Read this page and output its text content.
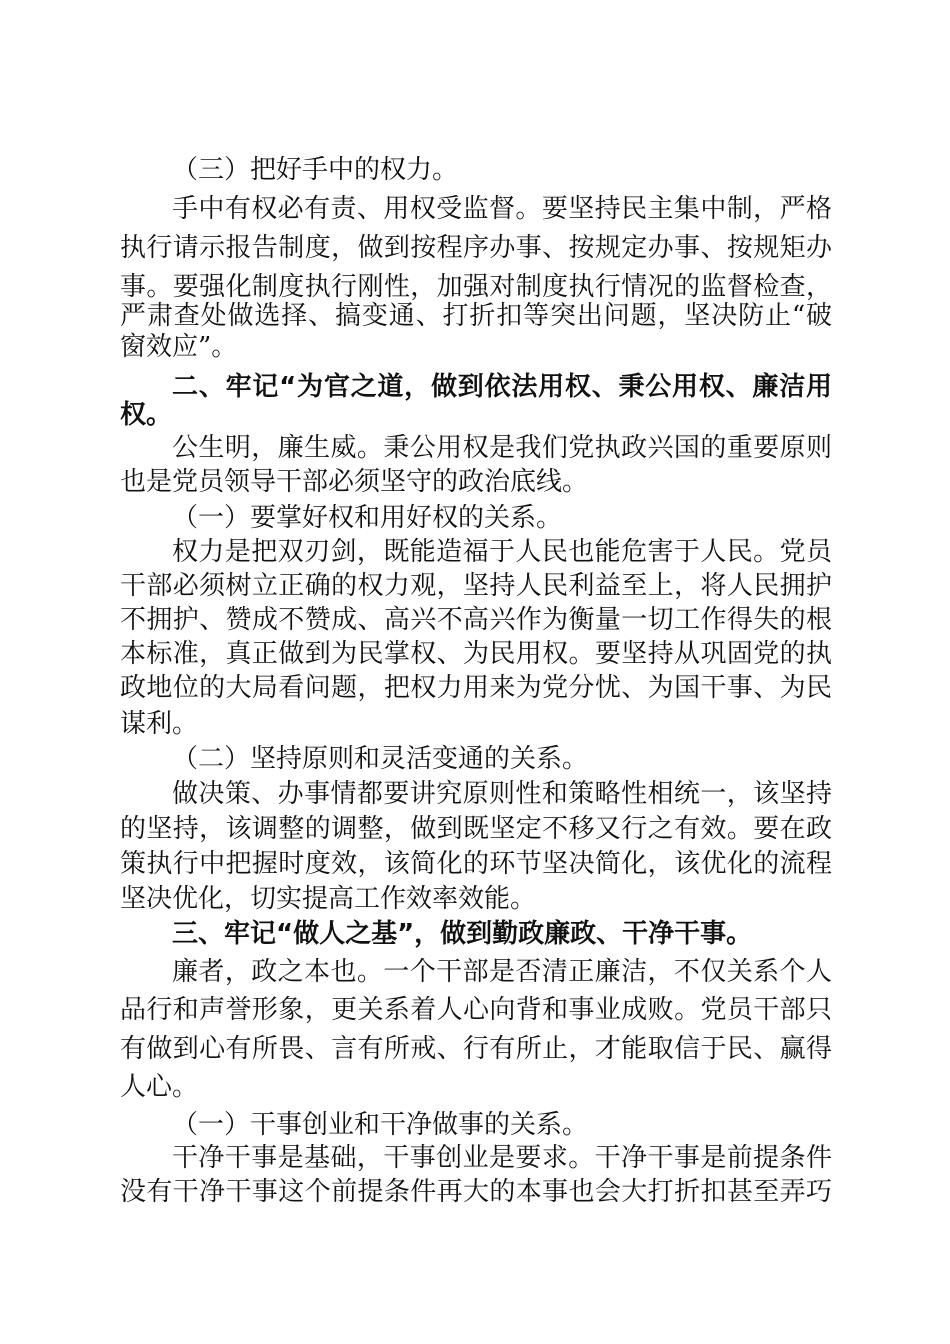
（三）把好手中的权力。
手中有权必有责、用权受监督。要坚持民主集中制，严格
执行请示报告制度，做到按程序办事、按规定办事、按规矩办
事。要强化制度执行刚性，加强对制度执行情况的监督检查，
严肃查处做选择、搞变通、打折扣等突出问题，坚决防止“破
窗效应”。
二、牢记“为官之道，做到依法用权、秉公用权、廉洁用
权。
公生明，廉生威。秉公用权是我们党执政兴国的重要原则
也是党员领导干部必须坚守的政治底线。
（一）要掌好权和用好权的关系。
权力是把双刃剑，既能造福于人民也能危害于人民。党员
干部必须树立正确的权力观，坚持人民利益至上，将人民拥护
不拥护、赞成不赞成、高兴不高兴作为衡量一切工作得失的根
本标准，真正做到为民掌权、为民用权。要坚持从巩固党的执
政地位的大局看问题，把权力用来为党分忧、为国干事、为民
谋利。
（二）坚持原则和灵活变通的关系。
做决策、办事情都要讲究原则性和策略性相统一，该坚持
的坚持，该调整的调整，做到既坚定不移又行之有效。要在政
策执行中把握时度效，该简化的环节坚决简化，该优化的流程
坚决优化，切实提高工作效率效能。
三、牢记“做人之基”，做到勤政廉政、干净干事。
廉者，政之本也。一个干部是否清正廉洁，不仅关系个人
品行和声誉形象，更关系着人心向背和事业成败。党员干部只
有做到心有所畏、言有所戒、行有所止，才能取信于民、赢得
人心。
（一）干事创业和干净做事的关系。
干净干事是基础，干事创业是要求。干净干事是前提条件
没有干净干事这个前提条件再大的本事也会大打折扣甚至弄巧
